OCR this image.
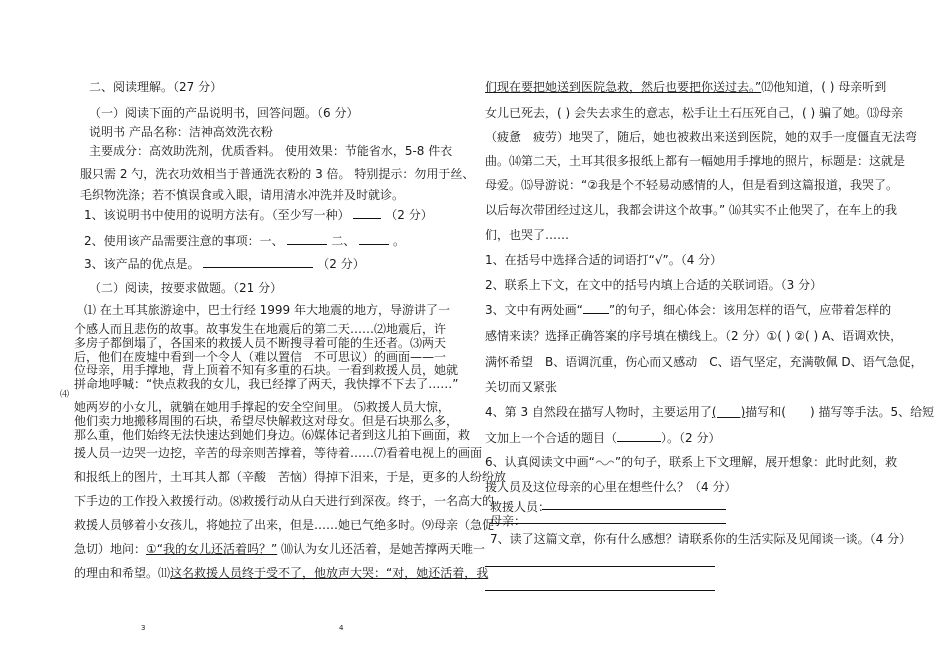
二、阅读理解。（27 分）
（一）阅读下面的产品说明书，回答问题。（6 分）
说明书 产品名称：洁神高效洗衣粉
主要成分：高效助洗剂，优质香料。 使用效果：节能省水，5-8 件衣
服只需 2 勺，洗衣功效相当于普通洗衣粉的 3 倍。 特别提示：勿用于丝、
毛织物洗涤；若不慎误食或入眼，请用清水冲洗并及时就诊。
1、该说明书中使用的说明方法有。（至少写一种）	（2 分）
2、使用该产品需要注意的事项：一、	二、	。
3、该产品的优点是。	（2 分）
（二）阅读，按要求做题。（21 分）
⑴ 在土耳其旅游途中，巴士行经 1999 年大地震的地方，导游讲了一
个感人而且悲伤的故事。故事发生在地震后的第二天……⑵地震后，许
多房子都倒塌了，各国来的救援人员不断搜寻着可能的生还者。⑶两天
后，他们在废墟中看到一个令人（难以置信　不可思议）的画面——一
位母亲，用手撑地，背上顶着不知有多重的石块。一看到救援人员，她就
拼命地呼喊：“快点救我的女儿，我已经撑了两天，我快撑不下去了……”
⑷
她两岁的小女儿，就躺在她用手撑起的安全空间里。 ⑸救援人员大惊，
他们卖力地搬移周围的石块，希望尽快解救这对母女。但是石块那么多，
那么重，他们始终无法快速达到她们身边。⑹媒体记者到这儿拍下画面，救
援人员一边哭一边挖，辛苦的母亲则苦撑着，等待着……⑺看着电视上的画面
和报纸上的图片，土耳其人都（辛酸　苦恼）得掉下泪来，于是，更多的人纷纷放
下手边的工作投入救援行动。⑻救援行动从白天进行到深夜。终于，一名高大的
救援人员够着小女孩儿，将她拉了出来，但是……她已气绝多时。⑼母亲（急促
急切）地问：①“我的女儿还活着吗？” ⑽认为女儿还活着，是她苦撑两天唯一
的理由和希望。⑾这名救援人员终于受不了，他放声大哭：“对，她还活着，我
3
们现在要把她送到医院急救，然后也要把你送过去。”⑿他知道，( ) 母亲听到
女儿已死去，( ) 会失去求生的意志，松手让土石压死自己，( ) 骗了她。⒀母亲
（疲惫　疲劳）地哭了，随后，她也被救出来送到医院，她的双手一度僵直无法弯
曲。⒁第二天，土耳其很多报纸上都有一幅她用手撑地的照片，标题是：这就是
母爱。⒂导游说：“②我是个不轻易动感情的人，但是看到这篇报道，我哭了。
以后每次带团经过这儿，我都会讲这个故事。” ⒃其实不止他哭了，在车上的我
们，也哭了……
1、在括号中选择合适的词语打“√”。（4 分）
2、联系上下文，在文中的括号内填上合适的关联词语。（3 分）
3、文中有两处画“ ”的句子，细心体会：该用怎样的语气，应带着怎样的
感情来读？选择正确答案的序号填在横线上。（2 分）①( ) ②( ) A、语调欢快，
满怀希望　B、语调沉重，伤心而又感动　C、语气坚定，充满敬佩 D、语气急促，
关切而又紧张
4、第 3 自然段在描写人物时，主要运用了(　　)描写和(　　) 描写等手法。5、给短
文加上一个合适的题目（	）。（2 分）
6、认真阅读文中画“ ”的句子，联系上下文理解，展开想象：此时此刻，救
援人员及这位母亲的心里在想些什么？（4 分）
救援人员：
母亲：
7、读了这篇文章，你有什么感想？请联系你的生活实际及见闻谈一谈。（4 分）
4
